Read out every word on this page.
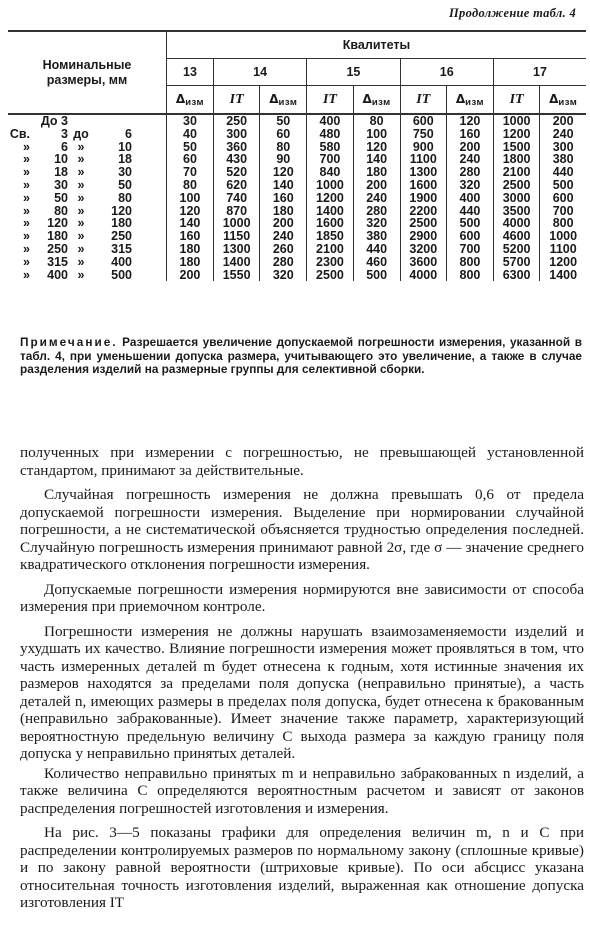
Продолжение табл. 4
Номинальные
размеры, мм	Квалитеты								
	13	14		15		16		17	
	$\Delta_{изм}$	IT	$\Delta_{изм}$	IT	$\Delta_{изм}$	IT	$\Delta_{изм}$	IT	$\Delta_{изм}$

До 3	30	250	50	400	80	600	120	1000	200

Св. 3 до 6	40	300	60	480	100	750	160	1200	240

» 6 » 10	50	360	80	580	120	900	200	1500	300

» 10 » 18	60	430	90	700	140	1100	240	1800	380

» 18 » 30	70	520	120	840	180	1300	280	2100	440

» 30 » 50	80	620	140	1000	200	1600	320	2500	500

» 50 » 80	100	740	160	1200	240	1900	400	3000	600

» 80 » 120	120	870	180	1400	280	2200	440	3500	700

» 120 » 180	140	1000	200	1600	320	2500	500	4000	800

» 180 » 250	160	1150	240	1850	380	2900	600	4600	1000

» 250 » 315	180	1300	260	2100	440	3200	700	5200	1100

» 315 » 400	180	1400	280	2300	460	3600	800	5700	1200

» 400 » 500	200	1550	320	2500	500	4000	800	6300	1400
Примечание. Разрешается увеличение допускаемой погрешности измерения, указанной в табл. 4, при уменьшении допуска размера, учитывающего это увеличение, а также в случае разделения изделий на размерные группы для селективной сборки.

полученных при измерении с погрешностью, не превышающей установленной стандартом, принимают за действительные.

Случайная погрешность измерения не должна превышать 0,6 от предела допускаемой погрешности измерения. Выделение при нормировании случайной погрешности, а не систематической объясняется трудностью определения последней. Случайную погрешность измерения принимают равной 2σ, где σ — значение среднего квадратического отклонения погрешности измерения.

Допускаемые погрешности измерения нормируются вне зависимости от способа измерения при приемочном контроле.

Погрешности измерения не должны нарушать взаимозаменяемости изделий и ухудшать их качество. Влияние погрешности измерения может проявляться в том, что часть измеренных деталей m будет отнесена к годным, хотя истинные значения их размеров находятся за пределами поля допуска (неправильно принятые), а часть деталей n, имеющих размеры в пределах поля допуска, будет отнесена к бракованным (неправильно забракованные). Имеет значение также параметр, характеризующий вероятностную предельную величину C выхода размера за каждую границу поля допуска у неправильно принятых деталей.

Количество неправильно принятых m и неправильно забракованных n изделий, а также величина C определяются вероятностным расчетом и зависят от законов распределения погрешностей изготовления и измерения.

На рис. 3—5 показаны графики для определения величин m, n и C при распределении контролируемых размеров по нормальному закону (сплошные кривые) и по закону равной вероятности (штриховые кривые). По оси абсцисс указана относительная точность изготовления изделий, выраженная как отношение допуска изготовления IT
